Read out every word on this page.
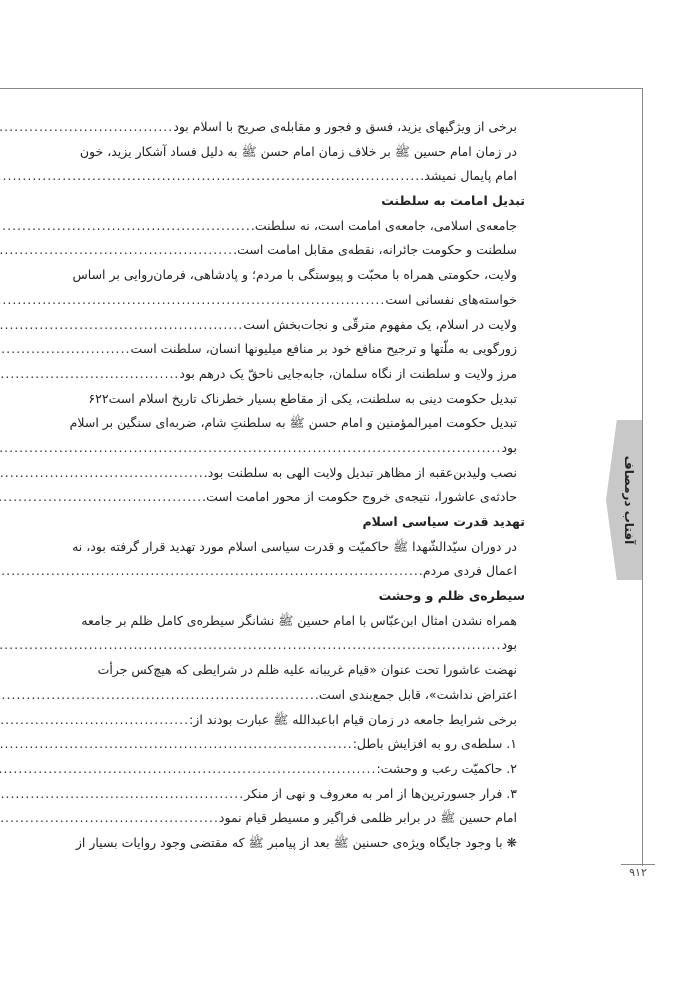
آفتاب درمصاف
۹۱۲
برخی از ویژگیهای یزید، فسق و فجور و مقابله‌ی صریح با اسلام بود
.....
در زمان امام حسین ﷺ بر خلاف زمان امام حسن ﷺ به دلیل فساد آشکار یزید، خون
امام پایمال نمیشد.
.....
تبدیل امامت به سلطنت
جامعه‌ی اسلامی، جامعه‌ی امامت است، نه سلطنت.
.....
سلطنت و حکومت جائرانه، نقطه‌ی مقابل امامت است.
.....
ولایت، حکومتی همراه با محبّت و پیوستگی با مردم؛ و پادشاهی، فرمان‌روایی بر اساس
خواسته‌های نفسانی است
.....
ولایت در اسلام، یک مفهوم مترقّی و نجات‌بخش است
.....
زورگویی به ملّتها و ترجیح منافع خود بر منافع میلیونها انسان، سلطنت است
.....
مرز ولایت و سلطنت از نگاه سلمان، جابه‌جایی ناحقّ یک درهم بود
.....
تبدیل حکومت دینی به سلطنت، یکی از مقاطع بسیار خطرناک تاریخ اسلام است
۶۲۲
تبدیل حکومت امیرالمؤمنین و امام حسن ﷺ به سلطنتِ شام، ضربه‌ای سنگین بر اسلام
بود
.....
نصب ولیدبن‌عقبه از مظاهر تبدیل ولایت الهی به سلطنت بود.
.....
حادثه‌ی عاشورا، نتیجه‌ی خروج حکومت از محور امامت است.
.....
تهدید قدرت سیاسی اسلام
در دوران سیّدالشّهدا ﷺ حاکمیّت و قدرت سیاسی اسلام مورد تهدید قرار گرفته بود، نه
اعمال فردی مردم.
.....
سیطره‌ی ظلم و وحشت
همراه نشدن امثال ابن‌عبّاس با امام حسین ﷺ نشانگر سیطره‌ی کامل ظلم بر جامعه
بود
.....
نهضت عاشورا تحت عنوان «قیام غریبانه علیه ظلم در شرایطی که هیچ‌کس جرأت
اعتراض نداشت»، قابل جمع‌بندی است.
.....
برخی شرایط جامعه در زمان قیام اباعبدالله ﷺ عبارت بودند از:
.....
۱. سلطه‌ی رو به افزایش باطل:
.....
۲. حاکمیّت رعب و وحشت:
.....
۳. فرار جسورترین‌ها از امر به معروف و نهی از منکر
.....
امام حسین ﷺ در برابر ظلمی فراگیر و مسیطر قیام نمود
.....
❋ با وجود جایگاه ویژه‌ی حسنین ﷺ بعد از پیامبر ﷺ که مقتضی وجود روایات بسیار از
